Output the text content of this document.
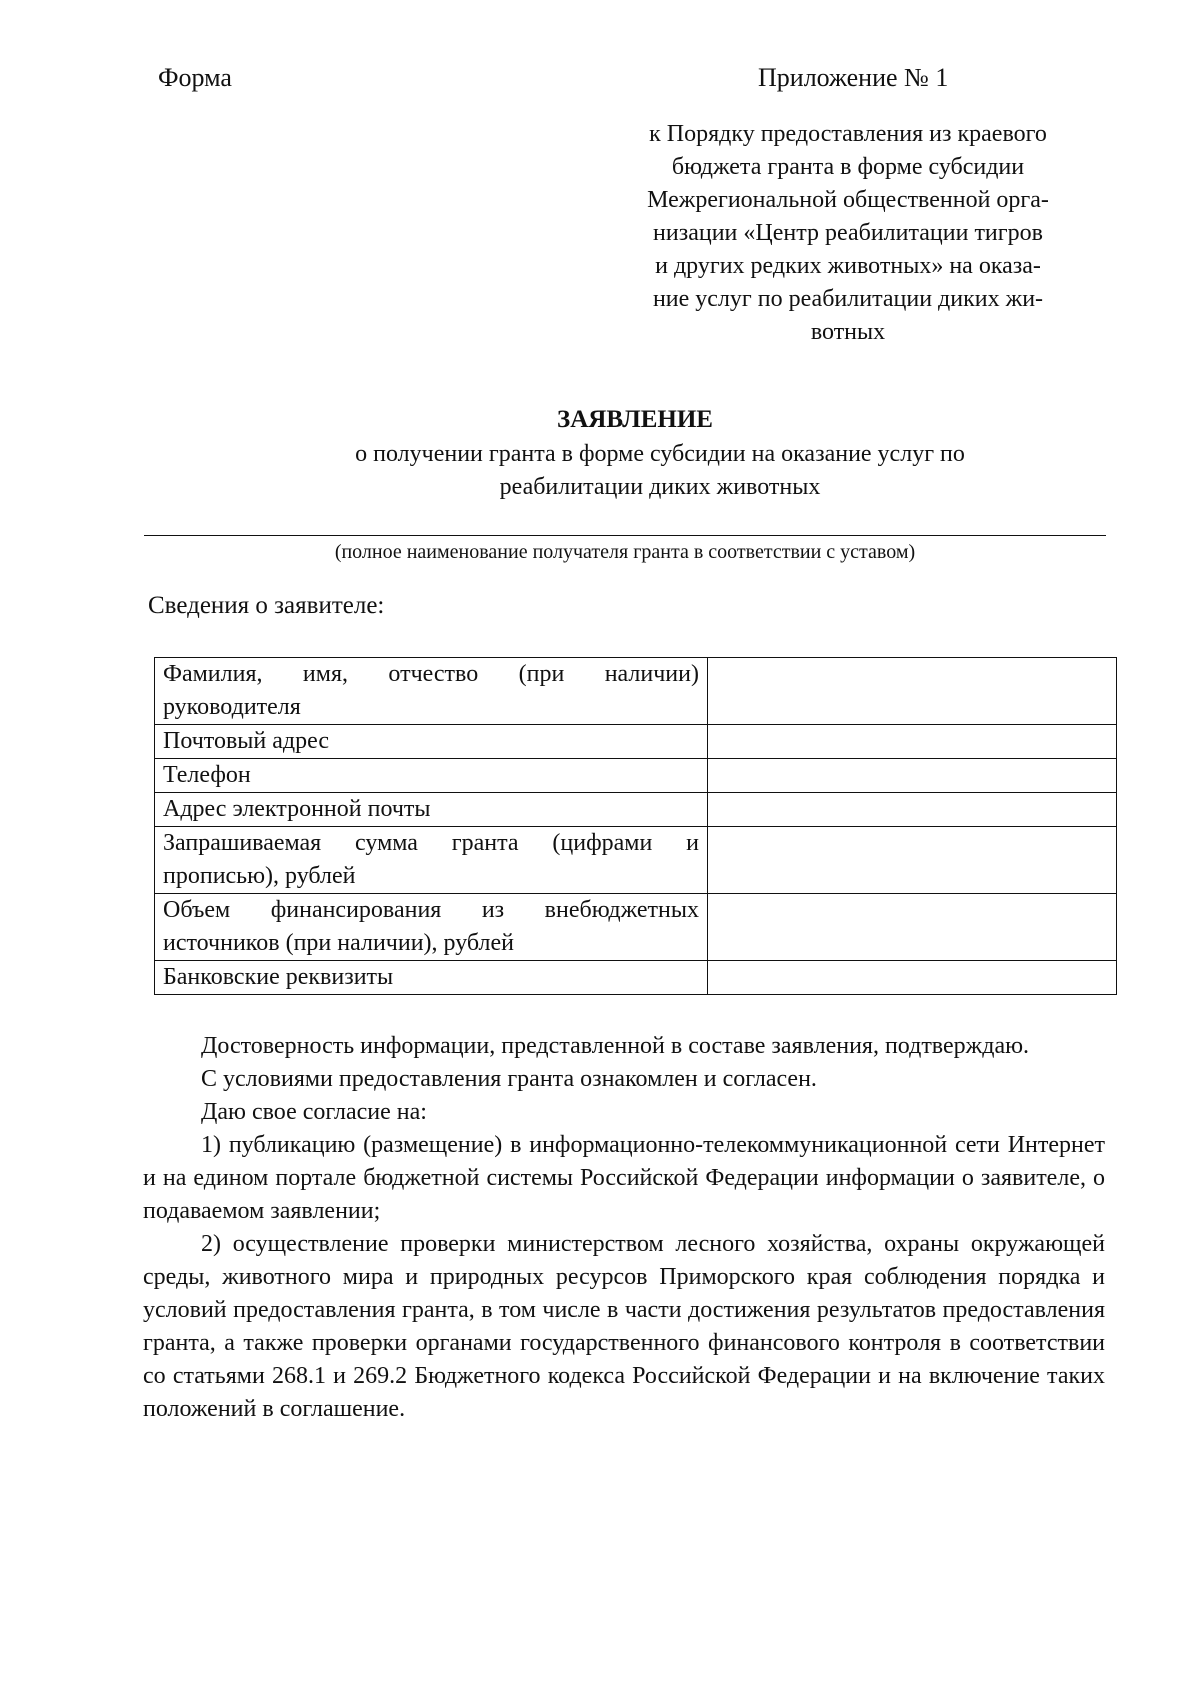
Форма	Приложение № 1
к Порядку предоставления из краевого
бюджета гранта в форме субсидии
Межрегиональной общественной орга-
низации «Центр реабилитации тигров
и других редких животных» на оказа-
ние услуг по реабилитации диких жи-
вотных
ЗАЯВЛЕНИЕ
о получении гранта в форме субсидии на оказание услуг по
реабилитации диких животных
(полное наименование получателя гранта в соответствии с уставом)
Сведения о заявителе:
Фамилия, имя, отчество (при наличии) руководителя	
Почтовый адрес	
Телефон	
Адрес электронной почты	
Запрашиваемая сумма гранта (цифрами и прописью), рублей	
Объем финансирования из внебюджетных источников (при наличии), рублей	
Банковские реквизиты	

Достоверность информации, представленной в составе заявления, подтверждаю.

С условиями предоставления гранта ознакомлен и согласен.

Даю свое согласие на:

1) публикацию (размещение) в информационно-телекоммуникационной сети Интернет и на едином портале бюджетной системы Российской Федерации информации о заявителе, о подаваемом заявлении;

2) осуществление проверки министерством лесного хозяйства, охраны окружающей среды, животного мира и природных ресурсов Приморского края соблюдения порядка и условий предоставления гранта, в том числе в части достижения результатов предоставления гранта, а также проверки органами государственного финансового контроля в соответствии со статьями 268.1 и 269.2 Бюджетного кодекса Российской Федерации и на включение таких положений в соглашение.
